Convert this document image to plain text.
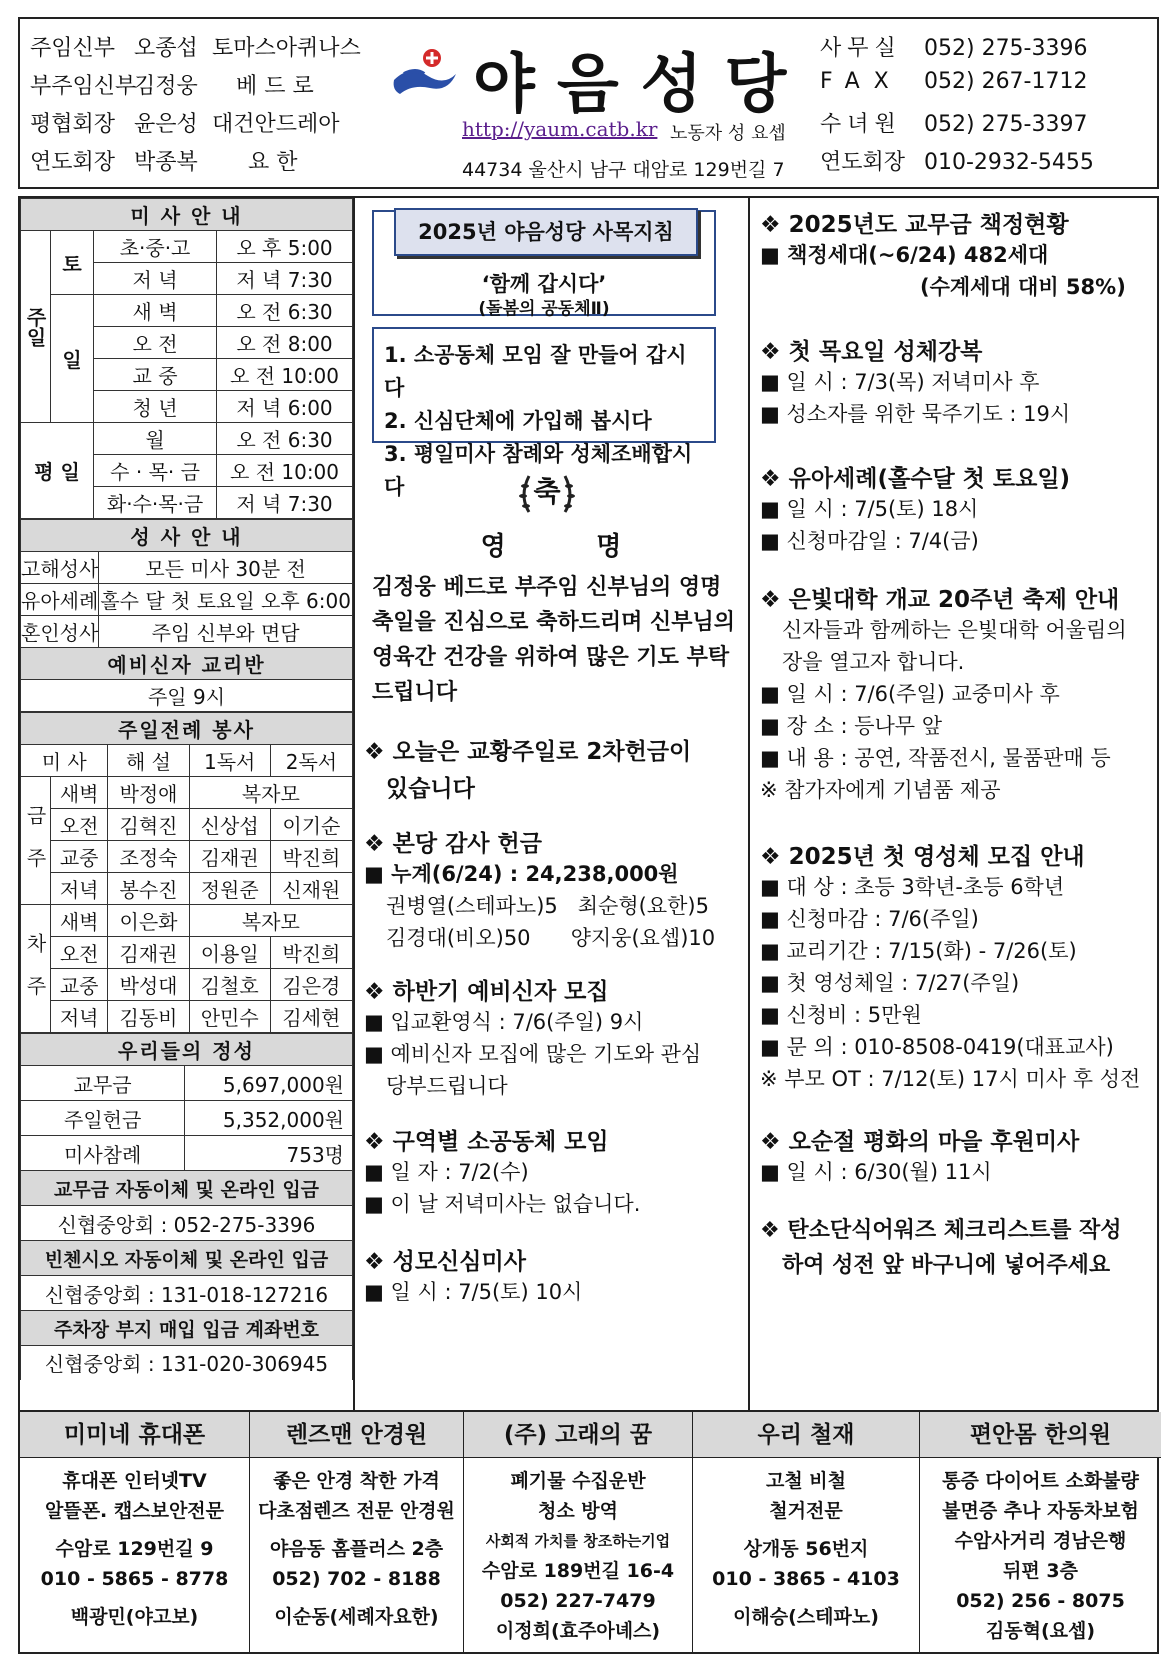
주임신부 오종섭 토마스아퀴나스
부주임신부김정웅 베 드 로
평협회장 윤은성 대건안드레아
연도회장 박종복 요 한
야음성당
http://yaum.catb.kr 노동자 성 요셉
44734 울산시 남구 대암로 129번길 7
사무실 052) 275-3396
FAX 052) 267-1712
수녀원 052) 275-3397
연도회장 010-2932-5455
미 사 안 내			
주일	토	초·중·고	오 후 5:00
		저 녁	저 녁 7:30
	일	새 벽	오 전 6:30
		오 전	오 전 8:00
		교 중	오 전 10:00
		청 년	저 녁 6:00
평 일		월	오 전 6:30
		수 · 목· 금	오 전 10:00
		화·수·목·금	저 녁 7:30
성 사 안 내	
고해성사	모든 미사 30분 전
유아세례	홀수 달 첫 토요일 오후 6:00
혼인성사	주임 신부와 면담
예비신자 교리반	
주일 9시	
주일전례 봉사				
미 사		해 설	1독서	2독서
금 주	새벽	박정애	복자모	
	오전	김혁진	신상섭	이기순
	교중	조정숙	김재권	박진희
	저녁	봉수진	정원준	신재원
차 주	새벽	이은화	복자모	
	오전	김재권	이용일	박진희
	교중	박성대	김철호	김은경
	저녁	김동비	안민수	김세현
우리들의 정성	
교무금	5,697,000원
주일헌금	5,352,000원
미사참례	753명
교무금 자동이체 및 온라인 입금	
신협중앙회 : 052-275-3396	
빈첸시오 자동이체 및 온라인 입금	
신협중앙회 : 131-018-127216	
주차장 부지 매입 입금 계좌번호	
신협중앙회 : 131-020-306945	
2025년 야음성당 사목지침
‘함께 갑시다’
(돌봄의 공동체Ⅱ)
1. 소공동체 모임 잘 만들어 갑시다
2. 신심단체에 가입해 봅시다
3. 평일미사 참례와 성체조배합시다	축
영          명
김정웅 베드로 부주임 신부님의 영명
축일을 진심으로 축하드리며 신부님의
영육간 건강을 위하여 많은 기도 부탁
드립니다
❖ 오늘은 교황주일로 2차헌금이
있습니다
❖ 본당 감사 헌금
■ 누계(6/24) : 24,238,000원
권병열(스테파노)5   최순형(요한)5
김경대(비오)50      양지웅(요셉)10
❖ 하반기 예비신자 모집
■ 입교환영식 : 7/6(주일) 9시
■ 예비신자 모집에 많은 기도와 관심
당부드립니다
❖ 구역별 소공동체 모임
■ 일 자 : 7/2(수)
■ 이 날 저녁미사는 없습니다.
❖ 성모신심미사
■ 일 시 : 7/5(토) 10시
❖ 2025년도 교무금 책정현황
■ 책정세대(~6/24) 482세대
(수계세대 대비 58%)
❖ 첫 목요일 성체강복
■ 일 시 : 7/3(목) 저녁미사 후
■ 성소자를 위한 묵주기도 : 19시
❖ 유아세례(홀수달 첫 토요일)
■ 일 시 : 7/5(토) 18시
■ 신청마감일 : 7/4(금)
❖ 은빛대학 개교 20주년 축제 안내
신자들과 함께하는 은빛대학 어울림의
장을 열고자 합니다.
■ 일 시 : 7/6(주일) 교중미사 후
■ 장 소 : 등나무 앞
■ 내 용 : 공연, 작품전시, 물품판매 등
※ 참가자에게 기념품 제공
❖ 2025년 첫 영성체 모집 안내
■ 대 상 : 초등 3학년-초등 6학년
■ 신청마감 : 7/6(주일)
■ 교리기간 : 7/15(화) - 7/26(토)
■ 첫 영성체일 : 7/27(주일)
■ 신청비 : 5만원
■ 문 의 : 010-8508-0419(대표교사)
※ 부모 OT : 7/12(토) 17시 미사 후 성전
❖ 오순절 평화의 마을 후원미사
■ 일 시 : 6/30(월) 11시
❖ 탄소단식어워즈 체크리스트를 작성
하여 성전 앞 바구니에 넣어주세요
미미네 휴대폰
휴대폰 인터넷TV
알뜰폰. 캡스보안전문
수암로 129번길 9
010 - 5865 - 8778
백광민(야고보)
렌즈맨 안경원
좋은 안경 착한 가격
다초점렌즈 전문 안경원
야음동 홈플러스 2층
052) 702 - 8188
이순동(세례자요한)
(주) 고래의 꿈
폐기물 수집운반
청소 방역
사회적 가치를 창조하는기업
수암로 189번길 16-4
052) 227-7479
이정희(효주아녜스)
우리 철재
고철 비철
철거전문
상개동 56번지
010 - 3865 - 4103
이해승(스테파노)
편안몸 한의원
통증 다이어트 소화불량
불면증 추나 자동차보험
수암사거리 경남은행
뒤편 3층
052) 256 - 8075
김동혁(요셉)
